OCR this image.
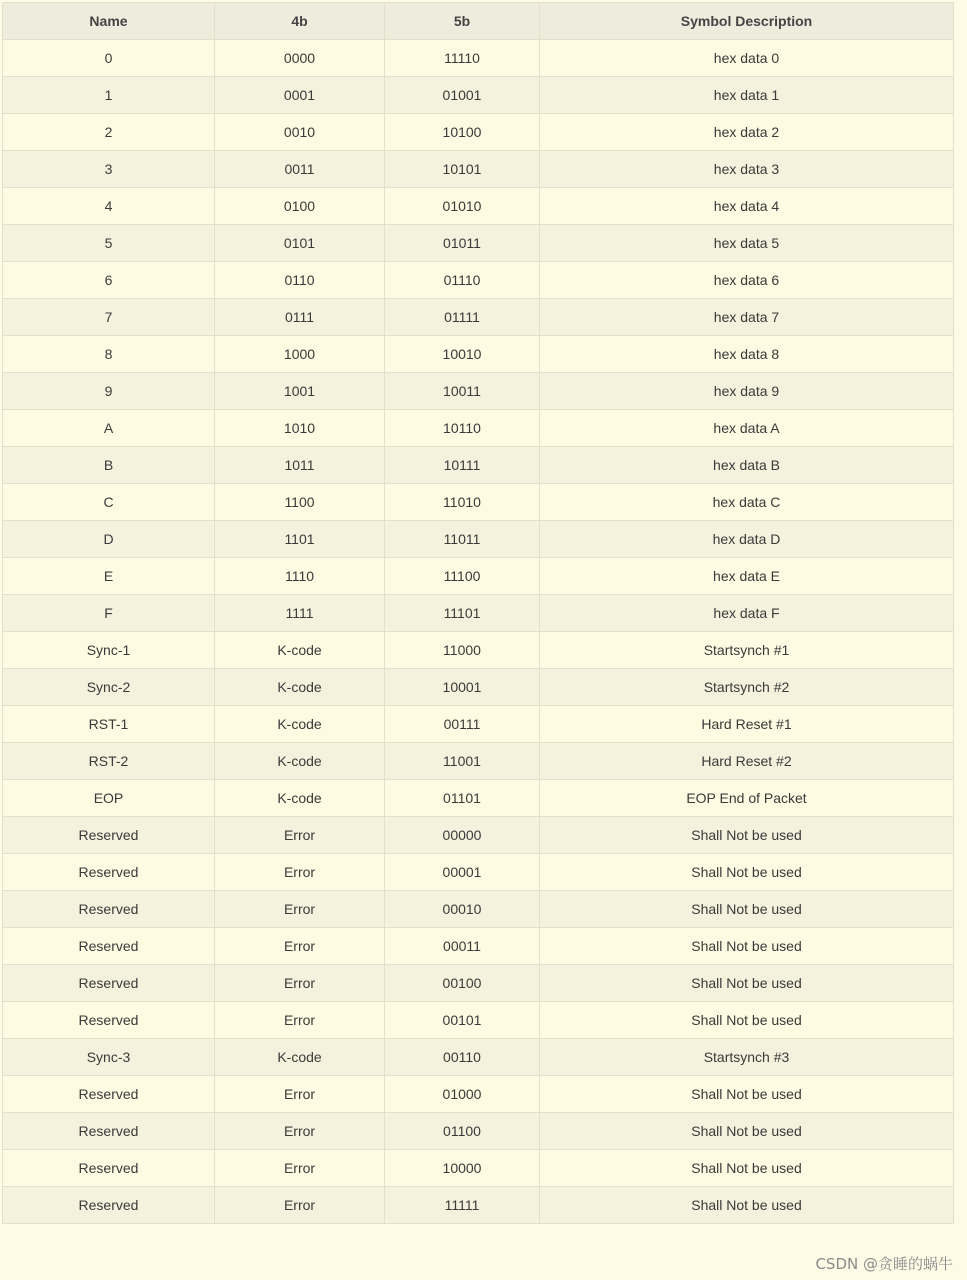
Name	4b	5b	Symbol Description
0	0000	11110	hex data 0
1	0001	01001	hex data 1
2	0010	10100	hex data 2
3	0011	10101	hex data 3
4	0100	01010	hex data 4
5	0101	01011	hex data 5
6	0110	01110	hex data 6
7	0111	01111	hex data 7
8	1000	10010	hex data 8
9	1001	10011	hex data 9
A	1010	10110	hex data A
B	1011	10111	hex data B
C	1100	11010	hex data C
D	1101	11011	hex data D
E	1110	11100	hex data E
F	1111	11101	hex data F
Sync-1	K-code	11000	Startsynch #1
Sync-2	K-code	10001	Startsynch #2
RST-1	K-code	00111	Hard Reset #1
RST-2	K-code	11001	Hard Reset #2
EOP	K-code	01101	EOP End of Packet
Reserved	Error	00000	Shall Not be used
Reserved	Error	00001	Shall Not be used
Reserved	Error	00010	Shall Not be used
Reserved	Error	00011	Shall Not be used
Reserved	Error	00100	Shall Not be used
Reserved	Error	00101	Shall Not be used
Sync-3	K-code	00110	Startsynch #3
Reserved	Error	01000	Shall Not be used
Reserved	Error	01100	Shall Not be used
Reserved	Error	10000	Shall Not be used
Reserved	Error	11111	Shall Not be used
CSDN @贪睡的蜗牛
